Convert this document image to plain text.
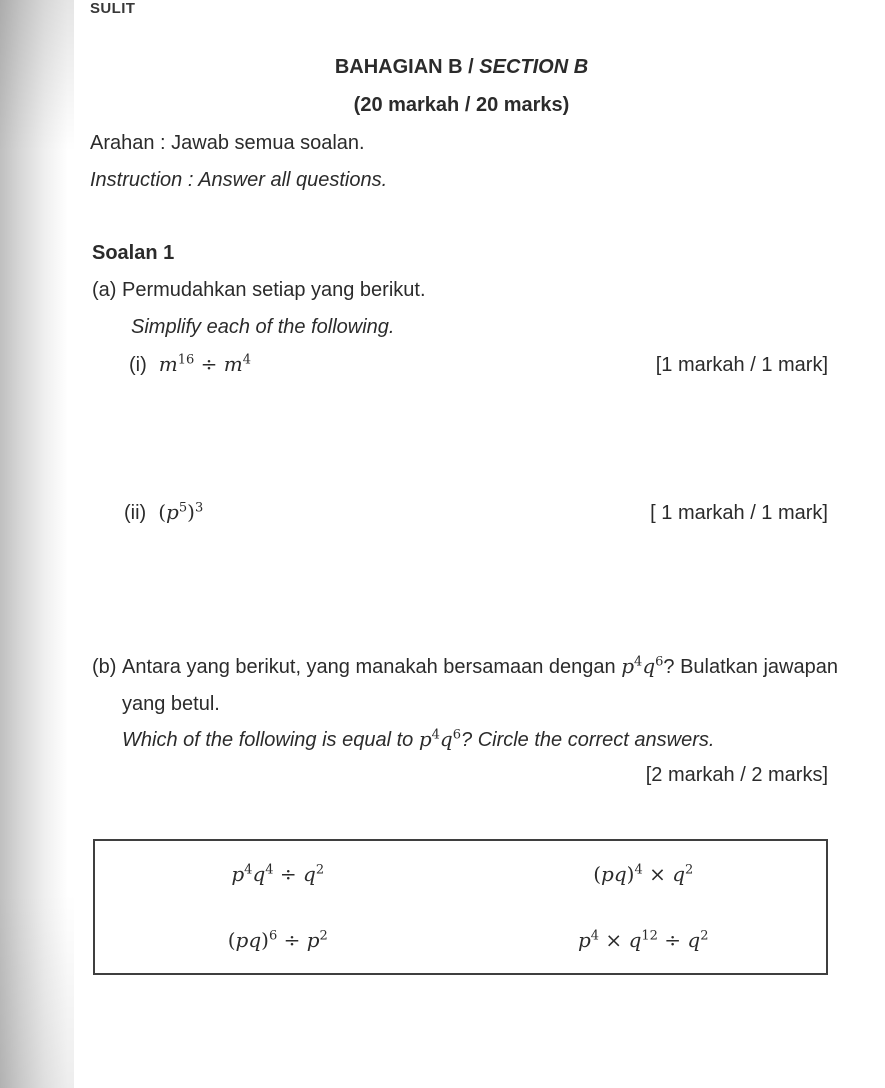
SULIT
BAHAGIAN B / SECTION B
(20 markah / 20 marks)
Arahan : Jawab semua soalan.
Instruction : Answer all questions.
Soalan 1
(a) Permudahkan setiap yang berikut.
Simplify each of the following.
(i) $m^{16} \div m^4$	[1 markah / 1 mark]
(ii) $(p^5)^3$	[ 1 markah / 1 mark]
(b) Antara yang berikut, yang manakah bersamaan dengan $p^4q^6$? Bulatkan jawapan
yang betul.
Which of the following is equal to $p^4q^6$? Circle the correct answers.
[2 markah / 2 marks]
$p^4q^4 \div q^2$	$(pq)^4 \times q^2$
$(pq)^6 \div p^2$	$p^4 \times q^{12} \div q^2$
